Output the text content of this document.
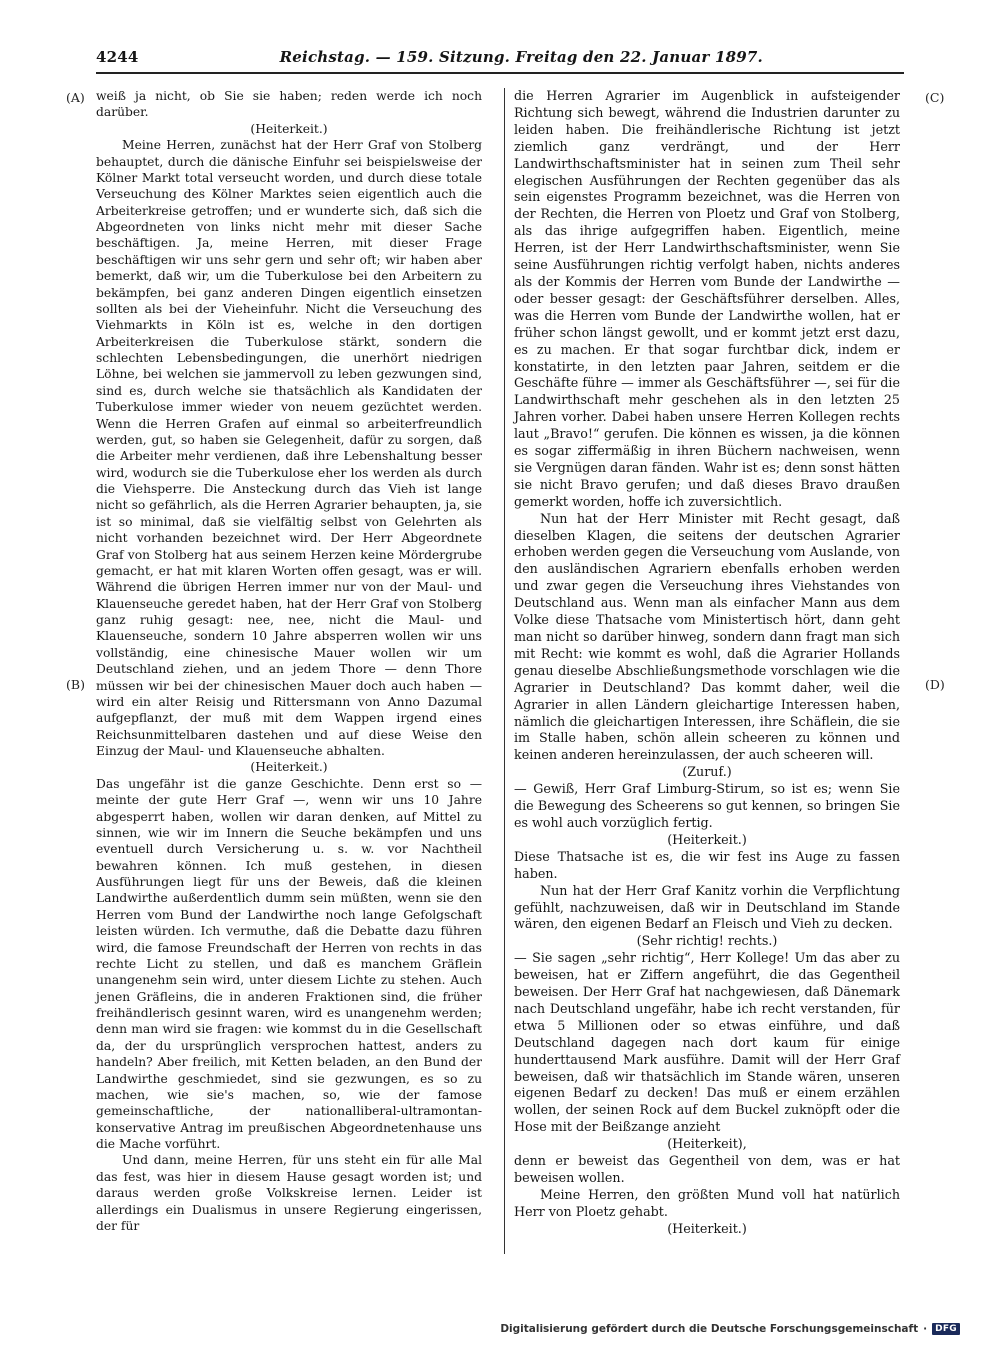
4244	Reichstag. — 159. Sitzung. Freitag den 22. Januar 1897.
(A)
(B)
(C)
(D)

weiß ja nicht, ob Sie sie haben; reden werde ich noch darüber.

(Heiterkeit.)

Meine Herren, zunächst hat der Herr Graf von Stolberg behauptet, durch die dänische Einfuhr sei beispielsweise der Kölner Markt total verseucht worden, und durch diese totale Verseuchung des Kölner Marktes seien eigentlich auch die Arbeiterkreise getroffen; und er wunderte sich, daß sich die Abgeordneten von links nicht mehr mit dieser Sache beschäftigen. Ja, meine Herren, mit dieser Frage beschäftigen wir uns sehr gern und sehr oft; wir haben aber bemerkt, daß wir, um die Tuberkulose bei den Arbeitern zu bekämpfen, bei ganz anderen Dingen eigentlich einsetzen sollten als bei der Vieheinfuhr. Nicht die Verseuchung des Viehmarkts in Köln ist es, welche in den dortigen Arbeiterkreisen die Tuberkulose stärkt, sondern die schlechten Lebensbedingungen, die unerhört niedrigen Löhne, bei welchen sie jammervoll zu leben gezwungen sind, sind es, durch welche sie thatsächlich als Kandidaten der Tuberkulose immer wieder von neuem gezüchtet werden. Wenn die Herren Grafen auf einmal so arbeiterfreundlich werden, gut, so haben sie Gelegenheit, dafür zu sorgen, daß die Arbeiter mehr verdienen, daß ihre Lebenshaltung besser wird, wodurch sie die Tuberkulose eher los werden als durch die Viehsperre. Die Ansteckung durch das Vieh ist lange nicht so gefährlich, als die Herren Agrarier behaupten, ja, sie ist so minimal, daß sie vielfältig selbst von Gelehrten als nicht vorhanden bezeichnet wird. Der Herr Abgeordnete Graf von Stolberg hat aus seinem Herzen keine Mördergrube gemacht, er hat mit klaren Worten offen gesagt, was er will. Während die übrigen Herren immer nur von der Maul- und Klauenseuche geredet haben, hat der Herr Graf von Stolberg ganz ruhig gesagt: nee, nee, nicht die Maul- und Klauenseuche, sondern 10 Jahre absperren wollen wir uns vollständig, eine chinesische Mauer wollen wir um Deutschland ziehen, und an jedem Thore — denn Thore müssen wir bei der chinesischen Mauer doch auch haben — wird ein alter Reisig und Rittersmann von Anno Dazumal aufgepflanzt, der muß mit dem Wappen irgend eines Reichsunmittelbaren dastehen und auf diese Weise den Einzug der Maul- und Klauenseuche abhalten.

(Heiterkeit.)

Das ungefähr ist die ganze Geschichte. Denn erst so — meinte der gute Herr Graf —, wenn wir uns 10 Jahre abgesperrt haben, wollen wir daran denken, auf Mittel zu sinnen, wie wir im Innern die Seuche bekämpfen und uns eventuell durch Versicherung u. s. w. vor Nachtheil bewahren können. Ich muß gestehen, in diesen Ausführungen liegt für uns der Beweis, daß die kleinen Landwirthe außerdentlich dumm sein müßten, wenn sie den Herren vom Bund der Landwirthe noch lange Gefolgschaft leisten würden. Ich vermuthe, daß die Debatte dazu führen wird, die famose Freundschaft der Herren von rechts in das rechte Licht zu stellen, und daß es manchem Gräflein unangenehm sein wird, unter diesem Lichte zu stehen. Auch jenen Gräfleins, die in anderen Fraktionen sind, die früher freihändlerisch gesinnt waren, wird es unangenehm werden; denn man wird sie fragen: wie kommst du in die Gesellschaft da, der du ursprünglich versprochen hattest, anders zu handeln? Aber freilich, mit Ketten beladen, an den Bund der Landwirthe geschmiedet, sind sie gezwungen, es so zu machen, wie sie's machen, so, wie der famose gemeinschaftliche, der nationalliberal-ultramontan-konservative Antrag im preußischen Abgeordnetenhause uns die Mache vorführt.

Und dann, meine Herren, für uns steht ein für alle Mal das fest, was hier in diesem Hause gesagt worden ist; und daraus werden große Volkskreise lernen. Leider ist allerdings ein Dualismus in unsere Regierung eingerissen, der für

die Herren Agrarier im Augenblick in aufsteigender Richtung sich bewegt, während die Industrien darunter zu leiden haben. Die freihändlerische Richtung ist jetzt ziemlich ganz verdrängt, und der Herr Landwirthschaftsminister hat in seinen zum Theil sehr elegischen Ausführungen der Rechten gegenüber das als sein eigenstes Programm bezeichnet, was die Herren von der Rechten, die Herren von Ploetz und Graf von Stolberg, als das ihrige aufgegriffen haben. Eigentlich, meine Herren, ist der Herr Landwirthschaftsminister, wenn Sie seine Ausführungen richtig verfolgt haben, nichts anderes als der Kommis der Herren vom Bunde der Landwirthe — oder besser gesagt: der Geschäftsführer derselben. Alles, was die Herren vom Bunde der Landwirthe wollen, hat er früher schon längst gewollt, und er kommt jetzt erst dazu, es zu machen. Er that sogar furchtbar dick, indem er konstatirte, in den letzten paar Jahren, seitdem er die Geschäfte führe — immer als Geschäftsführer —, sei für die Landwirthschaft mehr geschehen als in den letzten 25 Jahren vorher. Dabei haben unsere Herren Kollegen rechts laut „Bravo!“ gerufen. Die können es wissen, ja die können es sogar ziffermäßig in ihren Büchern nachweisen, wenn sie Vergnügen daran fänden. Wahr ist es; denn sonst hätten sie nicht Bravo gerufen; und daß dieses Bravo draußen gemerkt worden, hoffe ich zuversichtlich.

Nun hat der Herr Minister mit Recht gesagt, daß dieselben Klagen, die seitens der deutschen Agrarier erhoben werden gegen die Verseuchung vom Auslande, von den ausländischen Agrariern ebenfalls erhoben werden und zwar gegen die Verseuchung ihres Viehstandes von Deutschland aus. Wenn man als einfacher Mann aus dem Volke diese Thatsache vom Ministertisch hört, dann geht man nicht so darüber hinweg, sondern dann fragt man sich mit Recht: wie kommt es wohl, daß die Agrarier Hollands genau dieselbe Abschließungsmethode vorschlagen wie die Agrarier in Deutschland? Das kommt daher, weil die Agrarier in allen Ländern gleichartige Interessen haben, nämlich die gleichartigen Interessen, ihre Schäflein, die sie im Stalle haben, schön allein scheeren zu können und keinen anderen hereinzulassen, der auch scheeren will.

(Zuruf.)

— Gewiß, Herr Graf Limburg-Stirum, so ist es; wenn Sie die Bewegung des Scheerens so gut kennen, so bringen Sie es wohl auch vorzüglich fertig.

(Heiterkeit.)

Diese Thatsache ist es, die wir fest ins Auge zu fassen haben.

Nun hat der Herr Graf Kanitz vorhin die Verpflichtung gefühlt, nachzuweisen, daß wir in Deutschland im Stande wären, den eigenen Bedarf an Fleisch und Vieh zu decken.

(Sehr richtig! rechts.)

— Sie sagen „sehr richtig“, Herr Kollege! Um das aber zu beweisen, hat er Ziffern angeführt, die das Gegentheil beweisen. Der Herr Graf hat nachgewiesen, daß Dänemark nach Deutschland ungefähr, habe ich recht verstanden, für etwa 5 Millionen oder so etwas einführe, und daß Deutschland dagegen nach dort kaum für einige hunderttausend Mark ausführe. Damit will der Herr Graf beweisen, daß wir thatsächlich im Stande wären, unseren eigenen Bedarf zu decken! Das muß er einem erzählen wollen, der seinen Rock auf dem Buckel zuknöpft oder die Hose mit der Beißzange anzieht

(Heiterkeit),

denn er beweist das Gegentheil von dem, was er hat beweisen wollen.

Meine Herren, den größten Mund voll hat natürlich Herr von Ploetz gehabt.

(Heiterkeit.)

Digitalisierung gefördert durch die Deutsche Forschungsgemeinschaft · DFG
